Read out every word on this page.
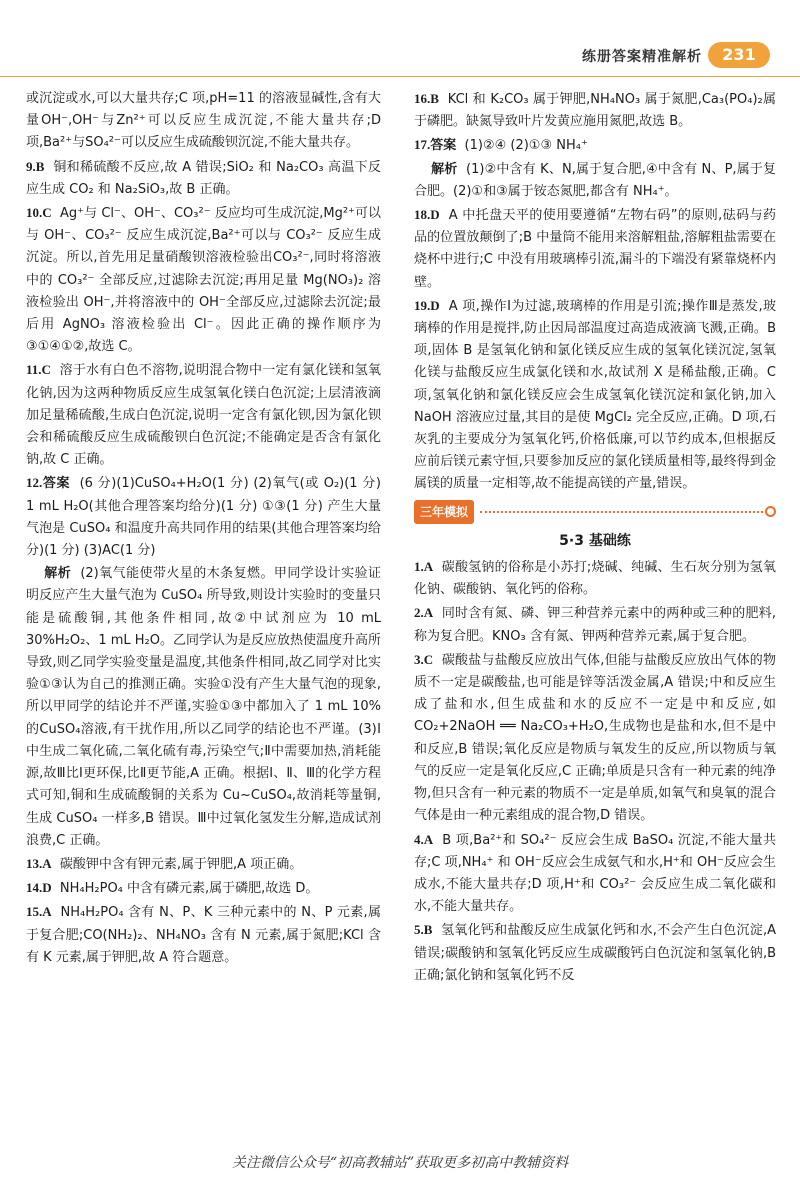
练册答案精准解析	231

或沉淀或水,可以大量共存;C 项,pH=11 的溶液显碱性,含有大量OH⁻,OH⁻与Zn²⁺可以反应生成沉淀,不能大量共存;D 项,Ba²⁺与SO₄²⁻可以反应生成硫酸钡沉淀,不能大量共存。

9.B 铜和稀硫酸不反应,故 A 错误;SiO₂ 和 Na₂CO₃ 高温下反应生成 CO₂ 和 Na₂SiO₃,故 B 正确。

10.C Ag⁺与 Cl⁻、OH⁻、CO₃²⁻ 反应均可生成沉淀,Mg²⁺可以与 OH⁻、CO₃²⁻ 反应生成沉淀,Ba²⁺可以与 CO₃²⁻ 反应生成沉淀。所以,首先用足量硝酸钡溶液检验出CO₃²⁻,同时将溶液中的 CO₃²⁻ 全部反应,过滤除去沉淀;再用足量 Mg(NO₃)₂ 溶液检验出 OH⁻,并将溶液中的 OH⁻全部反应,过滤除去沉淀;最后用 AgNO₃ 溶液检验出 Cl⁻。因此正确的操作顺序为③①④①②,故选 C。

11.C 溶于水有白色不溶物,说明混合物中一定有氯化镁和氢氧化钠,因为这两种物质反应生成氢氧化镁白色沉淀;上层清液滴加足量稀硫酸,生成白色沉淀,说明一定含有氯化钡,因为氯化钡会和稀硫酸反应生成硫酸钡白色沉淀;不能确定是否含有氯化钠,故 C 正确。

12.答案 (6 分)(1)CuSO₄+H₂O(1 分) (2)氧气(或 O₂)(1 分) 1 mL H₂O(其他合理答案均给分)(1 分) ①③(1 分) 产生大量气泡是 CuSO₄ 和温度升高共同作用的结果(其他合理答案均给分)(1 分) (3)AC(1 分)

解析 (2)氧气能使带火星的木条复燃。甲同学设计实验证明反应产生大量气泡为 CuSO₄ 所导致,则设计实验时的变量只能是硫酸铜,其他条件相同,故②中试剂应为 10 mL 30%H₂O₂、1 mL H₂O。乙同学认为是反应放热使温度升高所导致,则乙同学实验变量是温度,其他条件相同,故乙同学对比实验①③认为自己的推测正确。实验①没有产生大量气泡的现象,所以甲同学的结论并不严谨,实验①③中都加入了 1 mL 10%的CuSO₄溶液,有干扰作用,所以乙同学的结论也不严谨。(3)Ⅰ中生成二氧化硫,二氧化硫有毒,污染空气;Ⅱ中需要加热,消耗能源,故Ⅲ比Ⅰ更环保,比Ⅱ更节能,A 正确。根据Ⅰ、Ⅱ、Ⅲ的化学方程式可知,铜和生成硫酸铜的关系为 Cu~CuSO₄,故消耗等量铜,生成 CuSO₄ 一样多,B 错误。Ⅲ中过氧化氢发生分解,造成试剂浪费,C 正确。

13.A 碳酸钾中含有钾元素,属于钾肥,A 项正确。

14.D NH₄H₂PO₄ 中含有磷元素,属于磷肥,故选 D。

15.A NH₄H₂PO₄ 含有 N、P、K 三种元素中的 N、P 元素,属于复合肥;CO(NH₂)₂、NH₄NO₃ 含有 N 元素,属于氮肥;KCl 含有 K 元素,属于钾肥,故 A 符合题意。

16.B KCl 和 K₂CO₃ 属于钾肥,NH₄NO₃ 属于氮肥,Ca₃(PO₄)₂属于磷肥。缺氮导致叶片发黄应施用氮肥,故选 B。

17.答案 (1)②④ (2)①③ NH₄⁺

解析 (1)②中含有 K、N,属于复合肥,④中含有 N、P,属于复合肥。(2)①和③属于铵态氮肥,都含有 NH₄⁺。

18.D A 中托盘天平的使用要遵循“左物右码”的原则,砝码与药品的位置放颠倒了;B 中量筒不能用来溶解粗盐,溶解粗盐需要在烧杯中进行;C 中没有用玻璃棒引流,漏斗的下端没有紧靠烧杯内壁。

19.D A 项,操作Ⅰ为过滤,玻璃棒的作用是引流;操作Ⅲ是蒸发,玻璃棒的作用是搅拌,防止因局部温度过高造成液滴飞溅,正确。B 项,固体 B 是氢氧化钠和氯化镁反应生成的氢氧化镁沉淀,氢氧化镁与盐酸反应生成氯化镁和水,故试剂 X 是稀盐酸,正确。C 项,氢氧化钠和氯化镁反应会生成氢氧化镁沉淀和氯化钠,加入 NaOH 溶液应过量,其目的是使 MgCl₂ 完全反应,正确。D 项,石灰乳的主要成分为氢氧化钙,价格低廉,可以节约成本,但根据反应前后镁元素守恒,只要参加反应的氯化镁质量相等,最终得到金属镁的质量一定相等,故不能提高镁的产量,错误。

三年模拟
5·3 基础练

1.A 碳酸氢钠的俗称是小苏打;烧碱、纯碱、生石灰分别为氢氧化钠、碳酸钠、氧化钙的俗称。

2.A 同时含有氮、磷、钾三种营养元素中的两种或三种的肥料,称为复合肥。KNO₃ 含有氮、钾两种营养元素,属于复合肥。

3.C 碳酸盐与盐酸反应放出气体,但能与盐酸反应放出气体的物质不一定是碳酸盐,也可能是锌等活泼金属,A 错误;中和反应生成了盐和水,但生成盐和水的反应不一定是中和反应,如 CO₂+2NaOH ══ Na₂CO₃+H₂O,生成物也是盐和水,但不是中和反应,B 错误;氧化反应是物质与氧发生的反应,所以物质与氧气的反应一定是氧化反应,C 正确;单质是只含有一种元素的纯净物,但只含有一种元素的物质不一定是单质,如氧气和臭氧的混合气体是由一种元素组成的混合物,D 错误。

4.A B 项,Ba²⁺和 SO₄²⁻ 反应会生成 BaSO₄ 沉淀,不能大量共存;C 项,NH₄⁺ 和 OH⁻反应会生成氨气和水,H⁺和 OH⁻反应会生成水,不能大量共存;D 项,H⁺和 CO₃²⁻ 会反应生成二氧化碳和水,不能大量共存。

5.B 氢氧化钙和盐酸反应生成氯化钙和水,不会产生白色沉淀,A 错误;碳酸钠和氢氧化钙反应生成碳酸钙白色沉淀和氢氧化钠,B 正确;氯化钠和氢氧化钙不反

关注微信公众号“初高教辅站”获取更多初高中教辅资料
